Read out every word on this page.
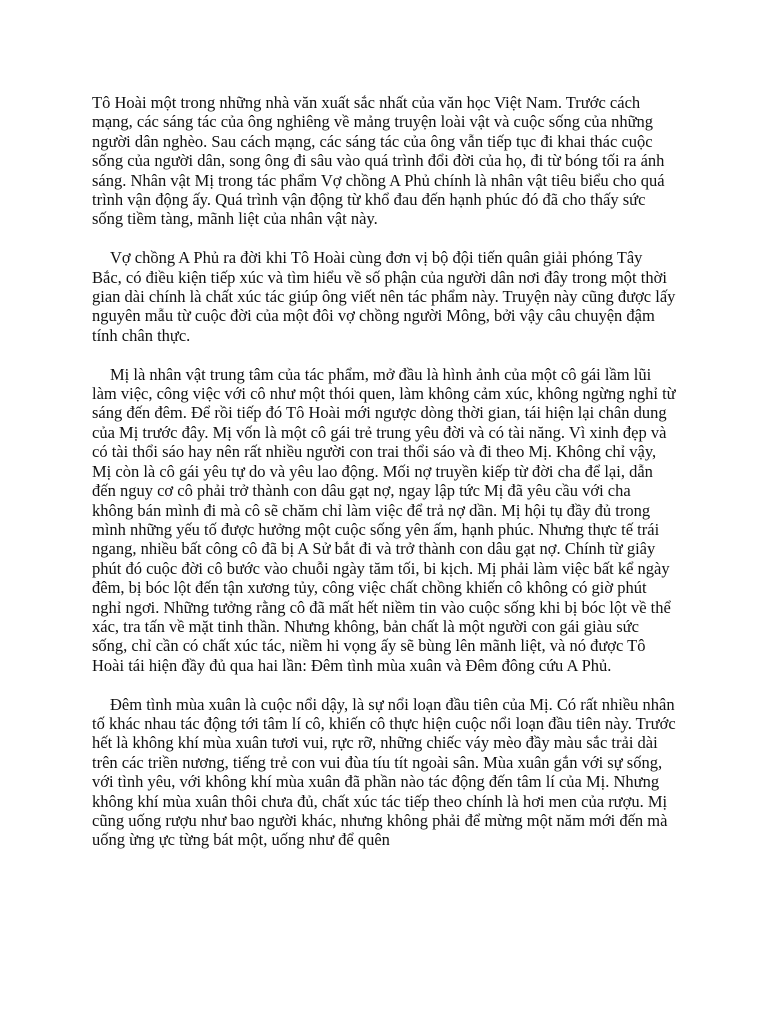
Tô Hoài một trong những nhà văn xuất sắc nhất của văn học Việt Nam. Trước cách mạng, các sáng tác của ông nghiêng về mảng truyện loài vật và cuộc sống của những người dân nghèo. Sau cách mạng, các sáng tác của ông vẫn tiếp tục đi khai thác cuộc sống của người dân, song ông đi sâu vào quá trình đổi đời của họ, đi từ bóng tối ra ánh sáng. Nhân vật Mị trong tác phẩm Vợ chồng A Phủ chính là nhân vật tiêu biểu cho quá trình vận động ấy. Quá trình vận động từ khổ đau đến hạnh phúc đó đã cho thấy sức sống tiềm tàng, mãnh liệt của nhân vật này.

Vợ chồng A Phủ ra đời khi Tô Hoài cùng đơn vị bộ đội tiến quân giải phóng Tây Bắc, có điều kiện tiếp xúc và tìm hiểu về số phận của người dân nơi đây trong một thời gian dài chính là chất xúc tác giúp ông viết nên tác phẩm này. Truyện này cũng được lấy nguyên mẫu từ cuộc đời của một đôi vợ chồng người Mông, bởi vậy câu chuyện đậm tính chân thực.

Mị là nhân vật trung tâm của tác phẩm, mở đầu là hình ảnh của một cô gái lầm lũi làm việc, công việc với cô như một thói quen, làm không cảm xúc, không ngừng nghỉ từ sáng đến đêm. Để rồi tiếp đó Tô Hoài mới ngược dòng thời gian, tái hiện lại chân dung của Mị trước đây. Mị vốn là một cô gái trẻ trung yêu đời và có tài năng. Vì xinh đẹp và có tài thổi sáo hay nên rất nhiều người con trai thổi sáo và đi theo Mị. Không chỉ vậy, Mị còn là cô gái yêu tự do và yêu lao động. Mối nợ truyền kiếp từ đời cha để lại, dẫn đến nguy cơ cô phải trở thành con dâu gạt nợ, ngay lập tức Mị đã yêu cầu với cha không bán mình đi mà cô sẽ chăm chỉ làm việc để trả nợ dần. Mị hội tụ đầy đủ trong mình những yếu tố được hưởng một cuộc sống yên ấm, hạnh phúc. Nhưng thực tế trái ngang, nhiều bất công cô đã bị A Sử bắt đi và trở thành con dâu gạt nợ. Chính từ giây phút đó cuộc đời cô bước vào chuỗi ngày tăm tối, bi kịch. Mị phải làm việc bất kể ngày đêm, bị bóc lột đến tận xương tủy, công việc chất chồng khiến cô không có giờ phút nghỉ ngơi. Những tưởng rằng cô đã mất hết niềm tin vào cuộc sống khi bị bóc lột về thể xác, tra tấn về mặt tinh thần. Nhưng không, bản chất là một người con gái giàu sức sống, chỉ cần có chất xúc tác, niềm hi vọng ấy sẽ bùng lên mãnh liệt, và nó được Tô Hoài tái hiện đầy đủ qua hai lần: Đêm tình mùa xuân và Đêm đông cứu A Phủ.

Đêm tình mùa xuân là cuộc nổi dậy, là sự nổi loạn đầu tiên của Mị. Có rất nhiều nhân tố khác nhau tác động tới tâm lí cô, khiến cô thực hiện cuộc nổi loạn đầu tiên này. Trước hết là không khí mùa xuân tươi vui, rực rỡ, những chiếc váy mèo đầy màu sắc trải dài trên các triền nương, tiếng trẻ con vui đùa tíu tít ngoài sân. Mùa xuân gắn với sự sống, với tình yêu, với không khí mùa xuân đã phần nào tác động đến tâm lí của Mị. Nhưng không khí mùa xuân thôi chưa đủ, chất xúc tác tiếp theo chính là hơi men của rượu. Mị cũng uống rượu như bao người khác, nhưng không phải để mừng một năm mới đến mà uống ừng ực từng bát một, uống như để quên
